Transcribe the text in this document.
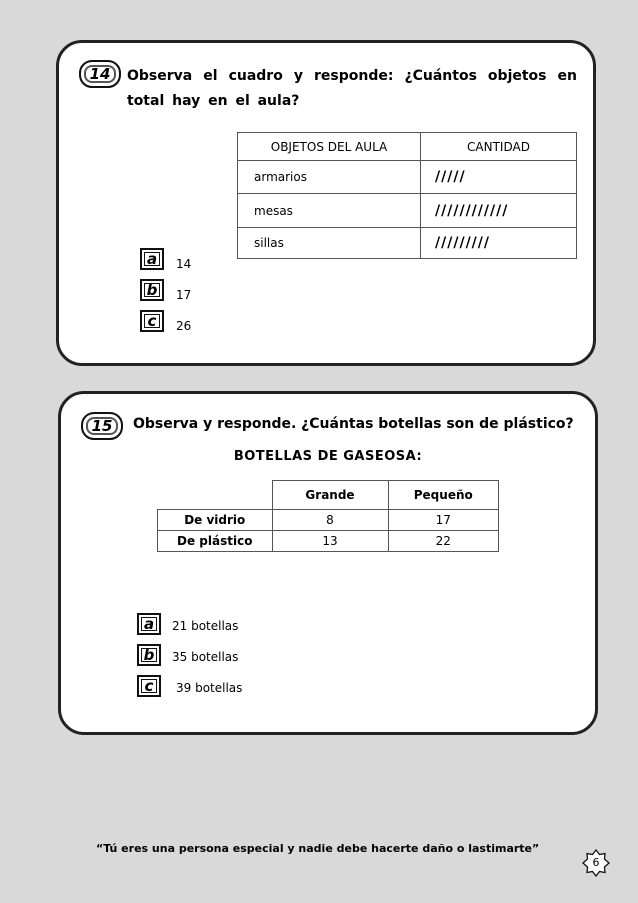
14	Observa el cuadro y responde: ¿Cuántos objetos en total hay en el aula?
OBJETOS DEL AULA	CANTIDAD
armarios	/////
mesas	////////////
sillas	/////////
a	14
b	17
c	26
15	Observa y responde. ¿Cuántas botellas son de plástico?
BOTELLAS DE GASEOSA:
	Grande	Pequeño
De vidrio	8	17
De plástico	13	22
a	21 botellas
b	35 botellas
c	39 botellas
“Tú eres una persona especial y nadie debe hacerte daño o lastimarte”
6
